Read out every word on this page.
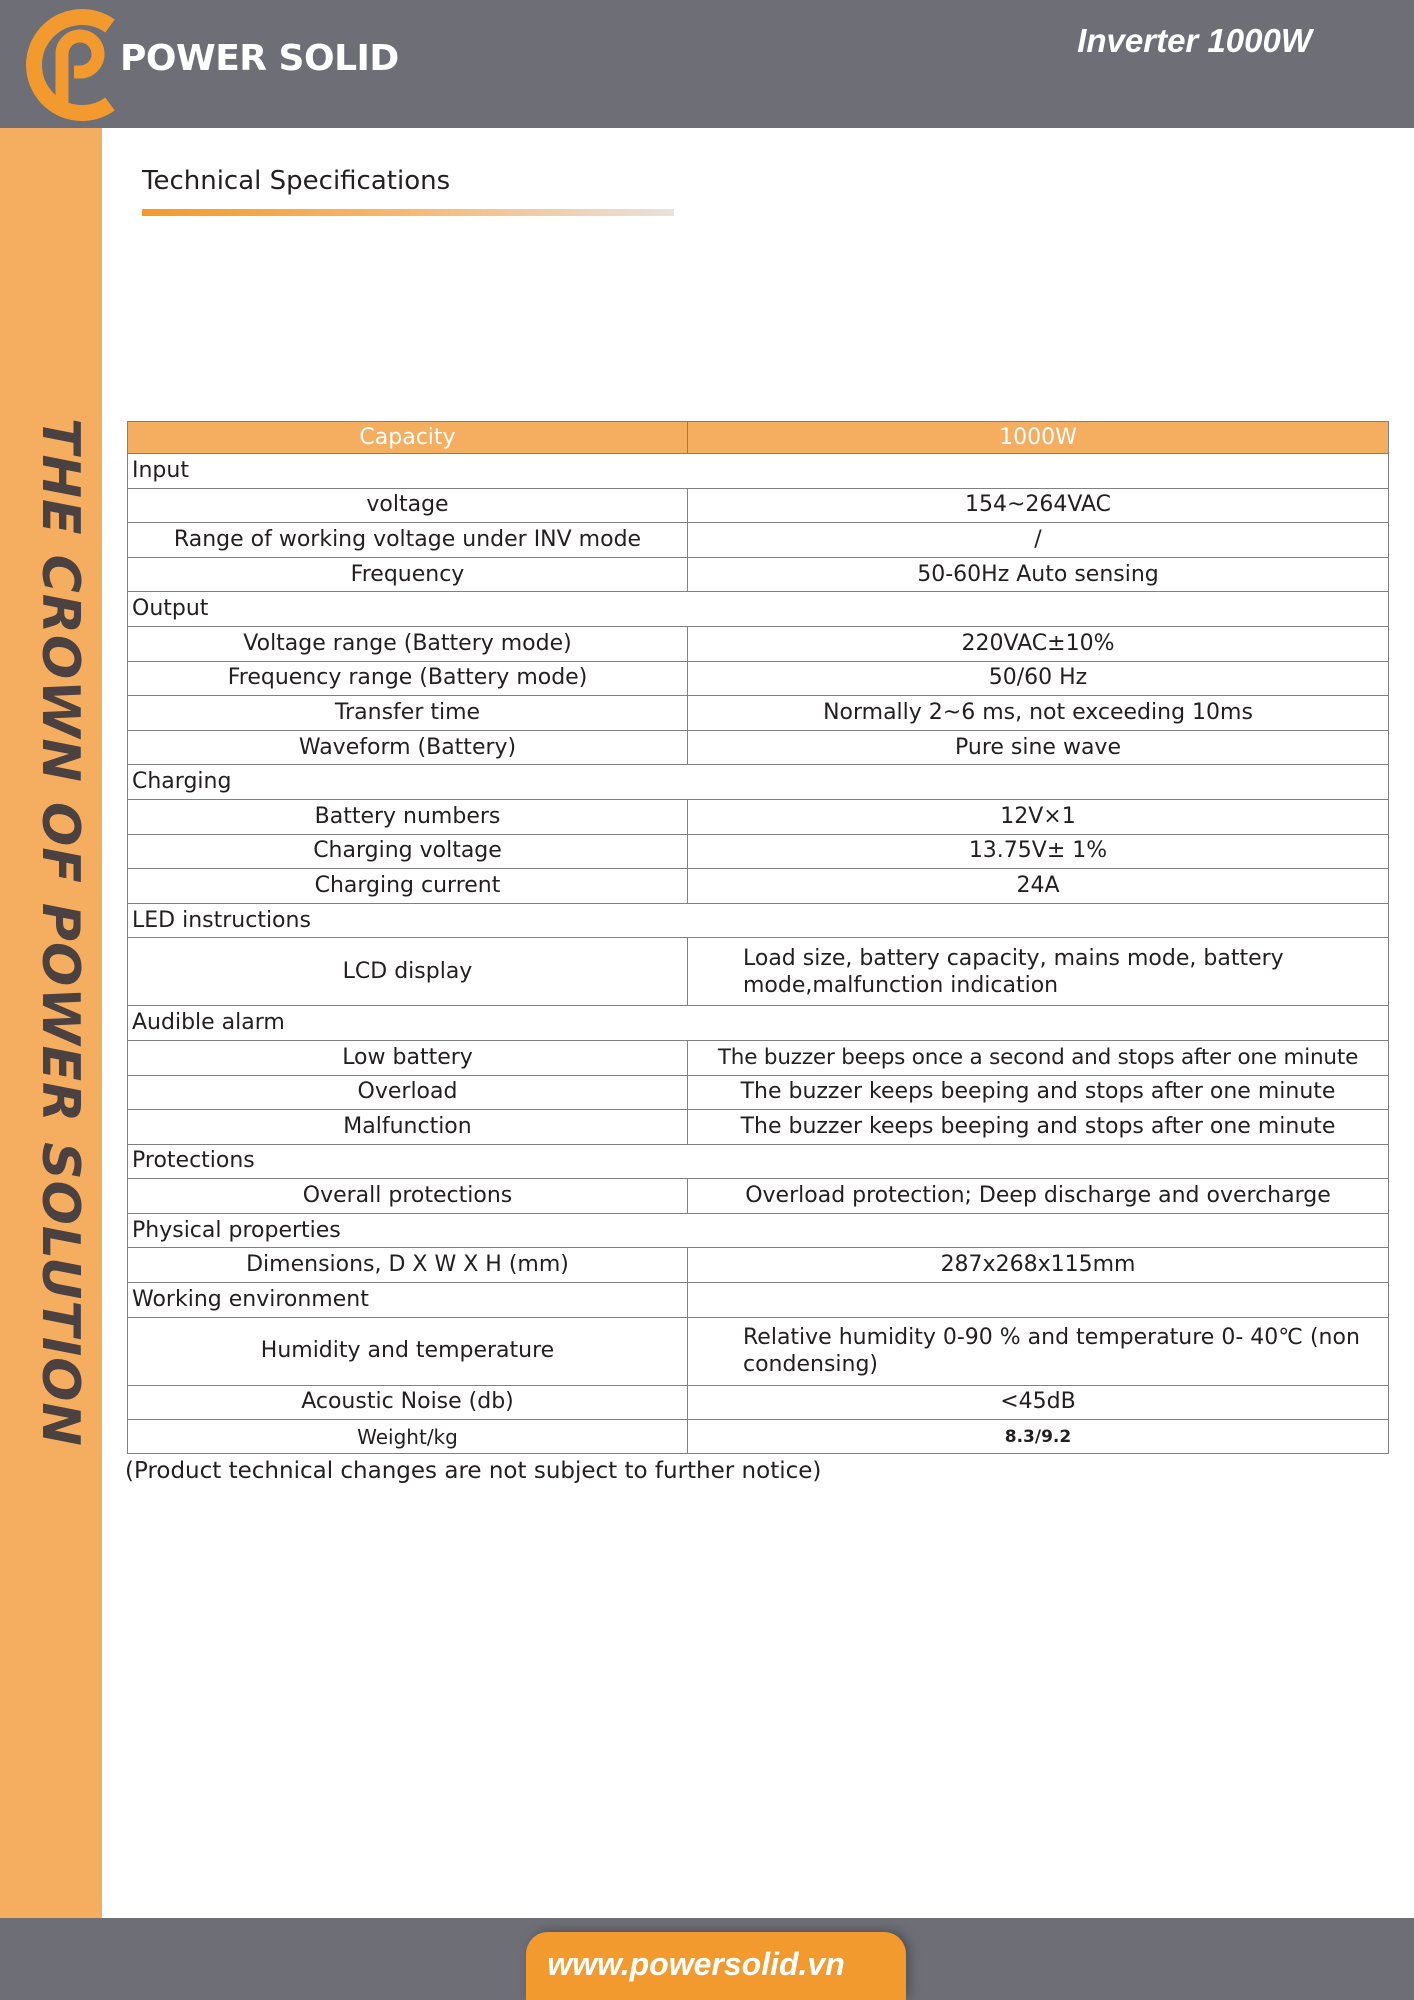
POWER SOLID	Inverter 1000W
THE CROWN OF POWER SOLUTION
Technical Specifications
Capacity	1000W
Input	
voltage	154~264VAC
Range of working voltage under INV mode	/
Frequency	50-60Hz Auto sensing
Output	
Voltage range (Battery mode)	220VAC±10%
Frequency range (Battery mode)	50/60 Hz
Transfer time	Normally 2~6 ms, not exceeding 10ms
Waveform (Battery)	Pure sine wave
Charging	
Battery numbers	12V×1
Charging voltage	13.75V± 1%
Charging current	24A
LED instructions	
LCD display	Load size, battery capacity, mains mode, battery mode,malfunction indication
Audible alarm	
Low battery	The buzzer beeps once a second and stops after one minute
Overload	The buzzer keeps beeping and stops after one minute
Malfunction	The buzzer keeps beeping and stops after one minute
Protections	
Overall protections	Overload protection; Deep discharge and overcharge
Physical properties	
Dimensions, D X W X H (mm)	287x268x115mm
Working environment	
Humidity and temperature	Relative humidity 0-90 % and temperature 0- 40℃ (non condensing)
Acoustic Noise (db)	<45dB
Weight/kg	8.3/9.2
(Product technical changes are not subject to further notice)
www.powersolid.vn
